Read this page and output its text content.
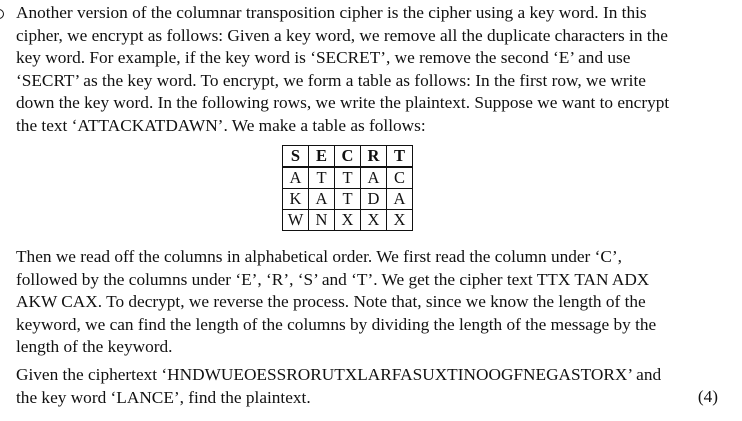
Another version of the columnar transposition cipher is the cipher using a key word. In this
cipher, we encrypt as follows: Given a key word, we remove all the duplicate characters in the
key word. For example, if the key word is ‘SECRET’, we remove the second ‘E’ and use
‘SECRT’ as the key word. To encrypt, we form a table as follows: In the first row, we write
down the key word. In the following rows, we write the plaintext. Suppose we want to encrypt
the text ‘ATTACKATDAWN’. We make a table as follows:
S	E	C	R	T
A	T	T	A	C
K	A	T	D	A
W	N	X	X	X
Then we read off the columns in alphabetical order. We first read the column under ‘C’,
followed by the columns under ‘E’, ‘R’, ‘S’ and ‘T’. We get the cipher text TTX TAN ADX
AKW CAX. To decrypt, we reverse the process. Note that, since we know the length of the
keyword, we can find the length of the columns by dividing the length of the message by the
length of the keyword.
Given the ciphertext ‘HNDWUEOESSRORUTXLARFASUXTINOOGFNEGASTORX’ and
the key word ‘LANCE’, find the plaintext.	(4)
